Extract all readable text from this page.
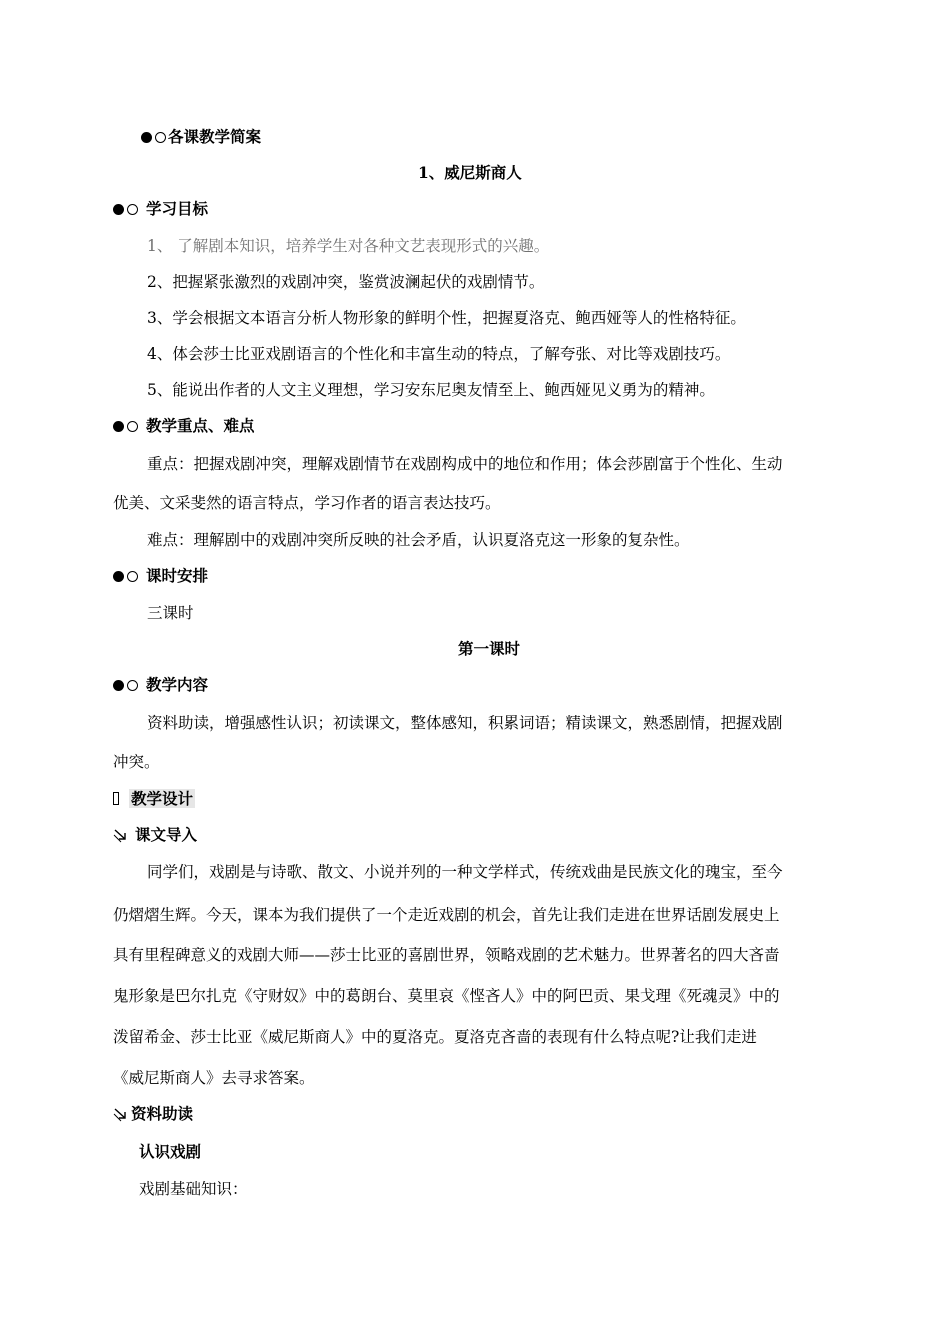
各课教学简案
1、威尼斯商人
学习目标
1、 了解剧本知识，培养学生对各种文艺表现形式的兴趣。
2、把握紧张激烈的戏剧冲突，鉴赏波澜起伏的戏剧情节。
3、学会根据文本语言分析人物形象的鲜明个性，把握夏洛克、鲍西娅等人的性格特征。
4、体会莎士比亚戏剧语言的个性化和丰富生动的特点，了解夸张、对比等戏剧技巧。
5、能说出作者的人文主义理想，学习安东尼奥友情至上、鲍西娅见义勇为的精神。
教学重点、难点
重点：把握戏剧冲突，理解戏剧情节在戏剧构成中的地位和作用；体会莎剧富于个性化、生动
优美、文采斐然的语言特点，学习作者的语言表达技巧。
难点：理解剧中的戏剧冲突所反映的社会矛盾，认识夏洛克这一形象的复杂性。
课时安排
三课时
第一课时
教学内容
资料助读，增强感性认识；初读课文，整体感知，积累词语；精读课文，熟悉剧情，把握戏剧
冲突。
教学设计
课文导入
同学们，戏剧是与诗歌、散文、小说并列的一种文学样式，传统戏曲是民族文化的瑰宝，至今
仍熠熠生辉。今天，课本为我们提供了一个走近戏剧的机会，首先让我们走进在世界话剧发展史上
具有里程碑意义的戏剧大师——莎士比亚的喜剧世界，领略戏剧的艺术魅力。世界著名的四大吝啬
鬼形象是巴尔扎克《守财奴》中的葛朗台、莫里哀《悭吝人》中的阿巴贡、果戈理《死魂灵》中的
泼留希金、莎士比亚《威尼斯商人》中的夏洛克。夏洛克吝啬的表现有什么特点呢?让我们走进
《威尼斯商人》去寻求答案。
资料助读
认识戏剧
戏剧基础知识：
